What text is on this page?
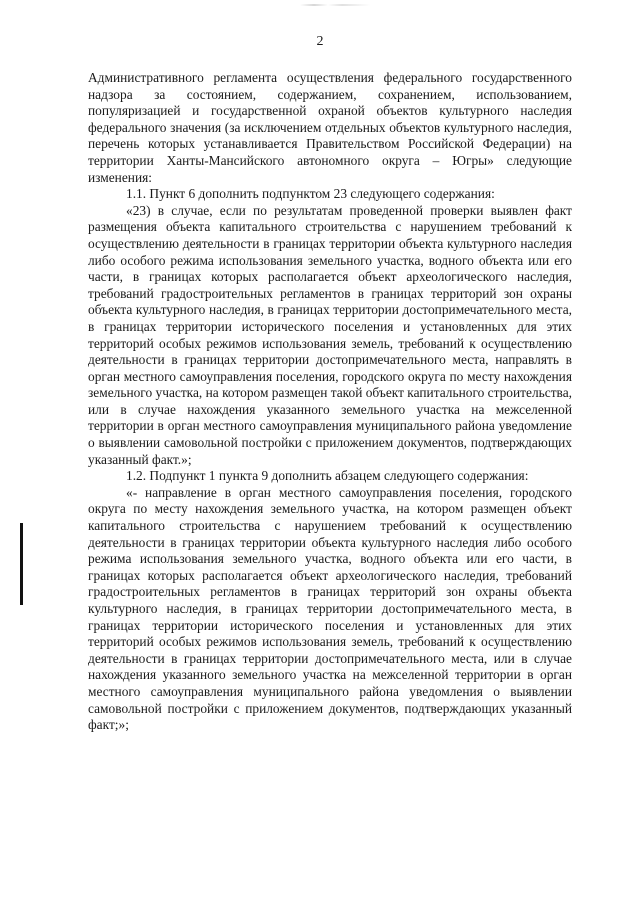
2

Административного регламента осуществления федерального государственного надзора за состоянием, содержанием, сохранением, использованием, популяризацией и государственной охраной объектов культурного наследия федерального значения (за исключением отдельных объектов культурного наследия, перечень которых устанавливается Правительством Российской Федерации) на территории Ханты-Мансийского автономного округа – Югры» следующие изменения:

1.1. Пункт 6 дополнить подпунктом 23 следующего содержания:

«23) в случае, если по результатам проведенной проверки выявлен факт размещения объекта капитального строительства с нарушением требований к осуществлению деятельности в границах территории объекта культурного наследия либо особого режима использования земельного участка, водного объекта или его части, в границах которых располагается объект археологического наследия, требований градостроительных регламентов в границах территорий зон охраны объекта культурного наследия, в границах территории достопримечательного места, в границах территории исторического поселения и установленных для этих территорий особых режимов использования земель, требований к осуществлению деятельности в границах территории достопримечательного места, направлять в орган местного самоуправления поселения, городского округа по месту нахождения земельного участка, на котором размещен такой объект капитального строительства, или в случае нахождения указанного земельного участка на межселенной территории в орган местного самоуправления муниципального района уведомление о выявлении самовольной постройки с приложением документов, подтверждающих указанный факт.»;

1.2. Подпункт 1 пункта 9 дополнить абзацем следующего содержания:

«- направление в орган местного самоуправления поселения, городского округа по месту нахождения земельного участка, на котором размещен объект капитального строительства с нарушением требований к осуществлению деятельности в границах территории объекта культурного наследия либо особого режима использования земельного участка, водного объекта или его части, в границах которых располагается объект археологического наследия, требований градостроительных регламентов в границах территорий зон охраны объекта культурного наследия, в границах территории достопримечательного места, в границах территории исторического поселения и установленных для этих территорий особых режимов использования земель, требований к осуществлению деятельности в границах территории достопримечательного места, или в случае нахождения указанного земельного участка на межселенной территории в орган местного самоуправления муниципального района уведомления о выявлении самовольной постройки с приложением документов, подтверждающих указанный факт;»;
